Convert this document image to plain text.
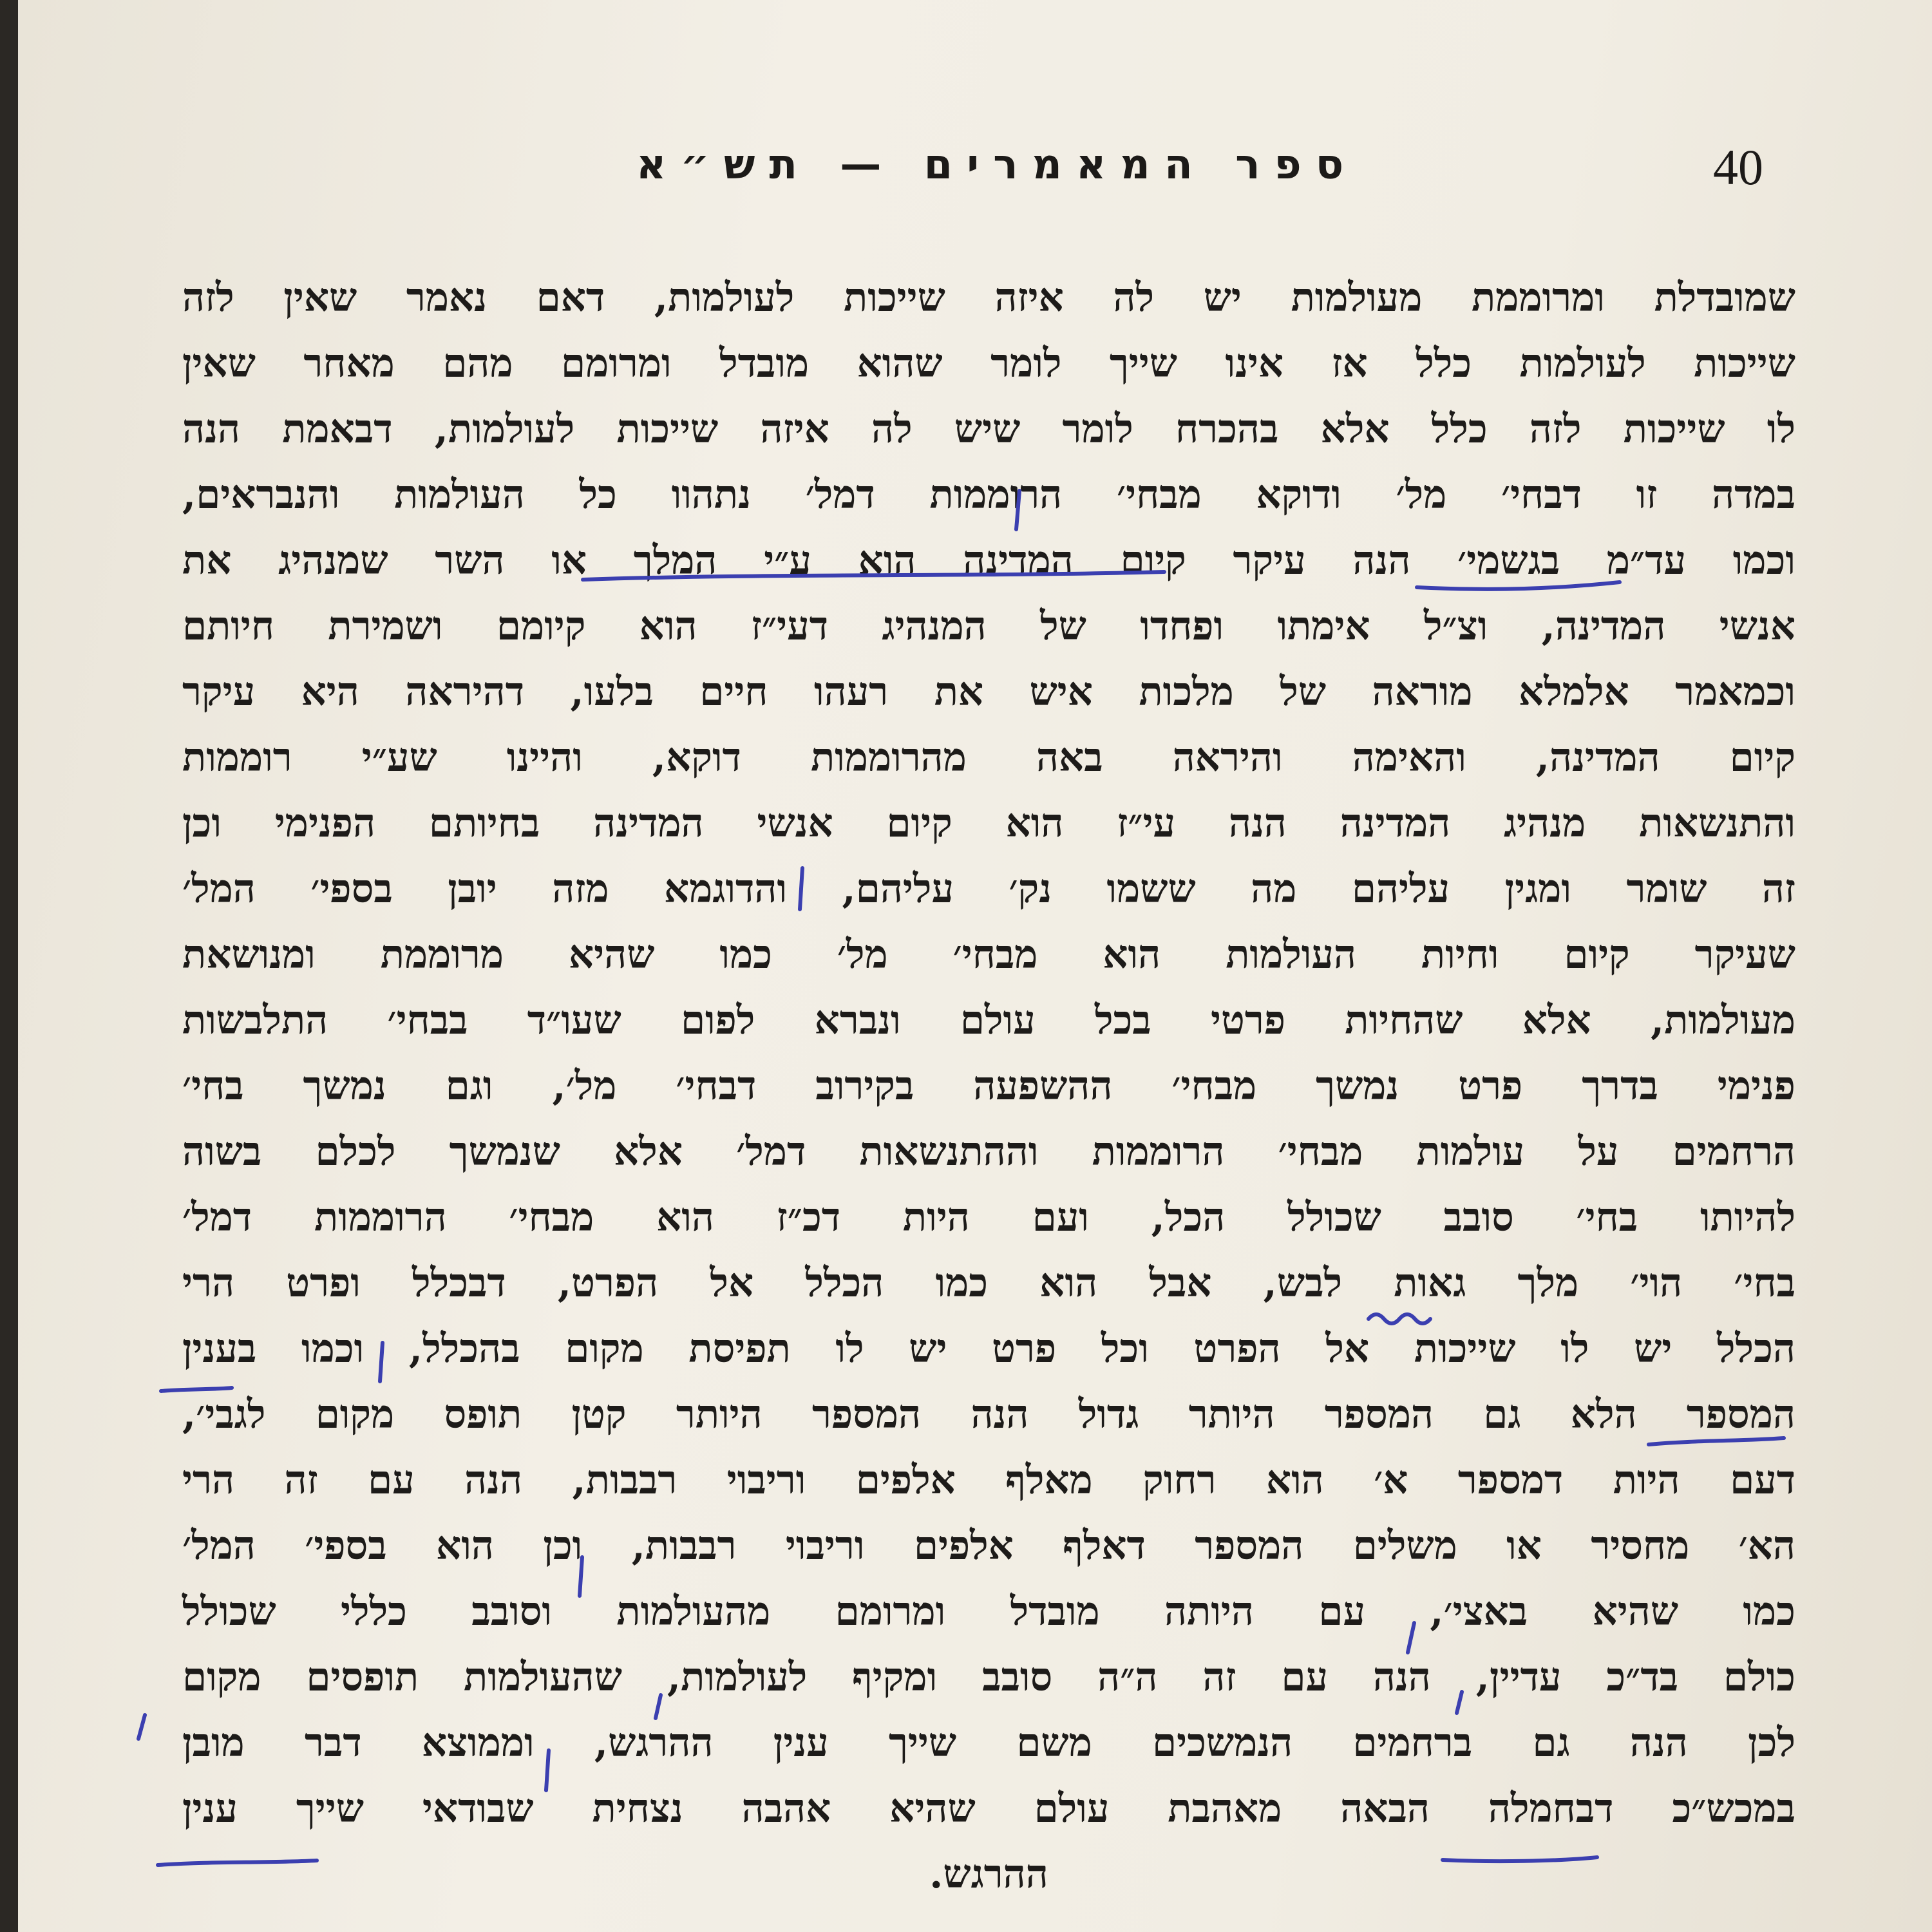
ספר המאמרים — תש״א	40
שמובדלת ומרוממת מעולמות יש לה איזה שייכות לעולמות, דאם נאמר שאין לזה
שייכות לעולמות כלל אז אינו שייך לומר שהוא מובדל ומרומם מהם מאחר שאין
לו שייכות לזה כלל אלא בהכרח לומר שיש לה איזה שייכות לעולמות, דבאמת הנה
במדה זו דבחי׳ מל׳ ודוקא מבחי׳ הרוממות דמל׳ נתהוו כל העולמות והנבראים,
וכמו עד״מ בגשמי׳ הנה עיקר קיום המדינה הוא ע״י המלך או השר שמנהיג את
אנשי המדינה, וצ״ל אימתו ופחדו של המנהיג דעי״ז הוא קיומם ושמירת חיותם
וכמאמר אלמלא מוראה של מלכות איש את רעהו חיים בלעו, דהיראה היא עיקר
קיום המדינה, והאימה והיראה באה מהרוממות דוקא, והיינו שע״י רוממות
והתנשאות מנהיג המדינה הנה עי״ז הוא קיום אנשי המדינה בחיותם הפנימי וכן
זה שומר ומגין עליהם מה ששמו נק׳ עליהם, והדוגמא מזה יובן בספי׳ המל׳
שעיקר קיום וחיות העולמות הוא מבחי׳ מל׳ כמו שהיא מרוממת ומנושאת
מעולמות, אלא שהחיות פרטי בכל עולם ונברא לפום שעו״ד בבחי׳ התלבשות
פנימי בדרך פרט נמשך מבחי׳ ההשפעה בקירוב דבחי׳ מל׳, וגם נמשך בחי׳
הרחמים על עולמות מבחי׳ הרוממות וההתנשאות דמל׳ אלא שנמשך לכלם בשוה
להיותו בחי׳ סובב שכולל הכל, ועם היות דכ״ז הוא מבחי׳ הרוממות דמל׳
בחי׳ הוי׳ מלך גאות לבש, אבל הוא כמו הכלל אל הפרט, דבכלל ופרט הרי
הכלל יש לו שייכות אל הפרט וכל פרט יש לו תפיסת מקום בהכלל, וכמו בענין
המספר הלא גם המספר היותר גדול הנה המספר היותר קטן תופס מקום לגבי׳,
דעם היות דמספר א׳ הוא רחוק מאלף אלפים וריבוי רבבות, הנה עם זה הרי
הא׳ מחסיר או משלים המספר דאלף אלפים וריבוי רבבות, וכן הוא בספי׳ המל׳
כמו שהיא באצי׳, עם היותה מובדל ומרומם מהעולמות וסובב כללי שכולל
כולם בד״כ עדיין, הנה עם זה ה״ה סובב ומקיף לעולמות, שהעולמות תופסים מקום
לכן הנה גם ברחמים הנמשכים משם שייך ענין ההרגש, וממוצא דבר מובן
במכש״כ דבחמלה הבאה מאהבת עולם שהיא אהבה נצחית שבודאי שייך ענין
ההרגש.
